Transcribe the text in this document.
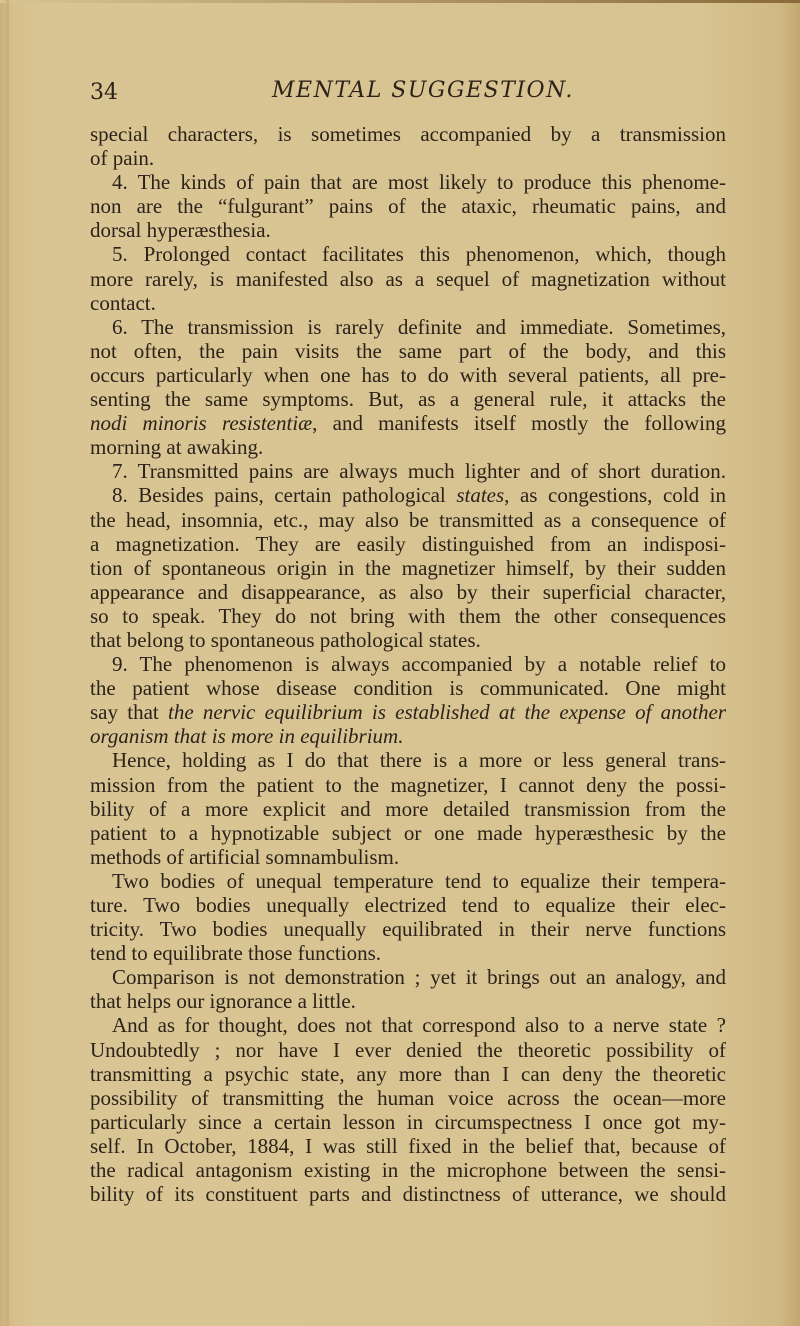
34	MENTAL SUGGESTION.
special characters, is sometimes accompanied by a transmission
of pain.
4. The kinds of pain that are most likely to produce this phenome-
non are the “fulgurant” pains of the ataxic, rheumatic pains, and
dorsal hyperæsthesia.
5. Prolonged contact facilitates this phenomenon, which, though
more rarely, is manifested also as a sequel of magnetization without
contact.
6. The transmission is rarely definite and immediate. Sometimes,
not often, the pain visits the same part of the body, and this
occurs particularly when one has to do with several patients, all pre-
senting the same symptoms. But, as a general rule, it attacks the
nodi minoris resistentiæ, and manifests itself mostly the following
morning at awaking.
7. Transmitted pains are always much lighter and of short duration.
8. Besides pains, certain pathological states, as congestions, cold in
the head, insomnia, etc., may also be transmitted as a consequence of
a magnetization. They are easily distinguished from an indisposi-
tion of spontaneous origin in the magnetizer himself, by their sudden
appearance and disappearance, as also by their superficial character,
so to speak. They do not bring with them the other consequences
that belong to spontaneous pathological states.
9. The phenomenon is always accompanied by a notable relief to
the patient whose disease condition is communicated. One might
say that the nervic equilibrium is established at the expense of another
organism that is more in equilibrium.
Hence, holding as I do that there is a more or less general trans-
mission from the patient to the magnetizer, I cannot deny the possi-
bility of a more explicit and more detailed transmission from the
patient to a hypnotizable subject or one made hyperæsthesic by the
methods of artificial somnambulism.
Two bodies of unequal temperature tend to equalize their tempera-
ture. Two bodies unequally electrized tend to equalize their elec-
tricity. Two bodies unequally equilibrated in their nerve functions
tend to equilibrate those functions.
Comparison is not demonstration ; yet it brings out an analogy, and
that helps our ignorance a little.
And as for thought, does not that correspond also to a nerve state ?
Undoubtedly ; nor have I ever denied the theoretic possibility of
transmitting a psychic state, any more than I can deny the theoretic
possibility of transmitting the human voice across the ocean—more
particularly since a certain lesson in circumspectness I once got my-
self. In October, 1884, I was still fixed in the belief that, because of
the radical antagonism existing in the microphone between the sensi-
bility of its constituent parts and distinctness of utterance, we should
